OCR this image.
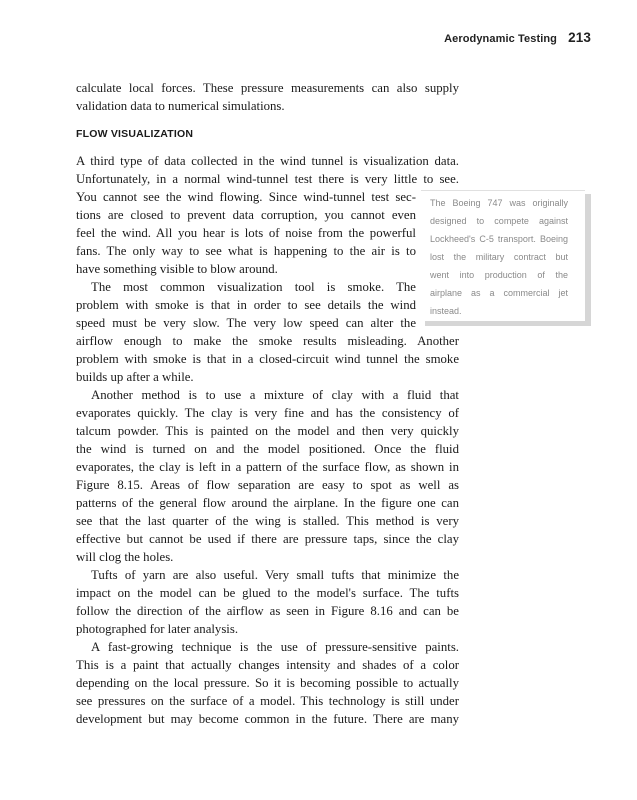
Aerodynamic Testing 213
calculate local forces. These pressure measurements can also supply
validation data to numerical simulations.
FLOW VISUALIZATION
A third type of data collected in the wind tunnel is visualization data.
Unfortunately, in a normal wind-tunnel test there is very little to see.
You cannot see the wind flowing. Since wind-tunnel test sec-
tions are closed to prevent data corruption, you cannot even
feel the wind. All you hear is lots of noise from the powerful
fans. The only way to see what is happening to the air is to
have something visible to blow around.
The most common visualization tool is smoke. The
problem with smoke is that in order to see details the wind
speed must be very slow. The very low speed can alter the
airflow enough to make the smoke results misleading. Another
problem with smoke is that in a closed-circuit wind tunnel the smoke
builds up after a while.
Another method is to use a mixture of clay with a fluid that
evaporates quickly. The clay is very fine and has the consistency of
talcum powder. This is painted on the model and then very quickly
the wind is turned on and the model positioned. Once the fluid
evaporates, the clay is left in a pattern of the surface flow, as shown in
Figure 8.15. Areas of flow separation are easy to spot as well as
patterns of the general flow around the airplane. In the figure one can
see that the last quarter of the wing is stalled. This method is very
effective but cannot be used if there are pressure taps, since the clay
will clog the holes.
Tufts of yarn are also useful. Very small tufts that minimize the
impact on the model can be glued to the model's surface. The tufts
follow the direction of the airflow as seen in Figure 8.16 and can be
photographed for later analysis.
A fast-growing technique is the use of pressure-sensitive paints.
This is a paint that actually changes intensity and shades of a color
depending on the local pressure. So it is becoming possible to actually
see pressures on the surface of a model. This technology is still under
development but may become common in the future. There are many
The Boeing 747 was originally
designed to compete against
Lockheed's C-5 transport. Boeing
lost the military contract but
went into production of the
airplane as a commercial jet
instead.
